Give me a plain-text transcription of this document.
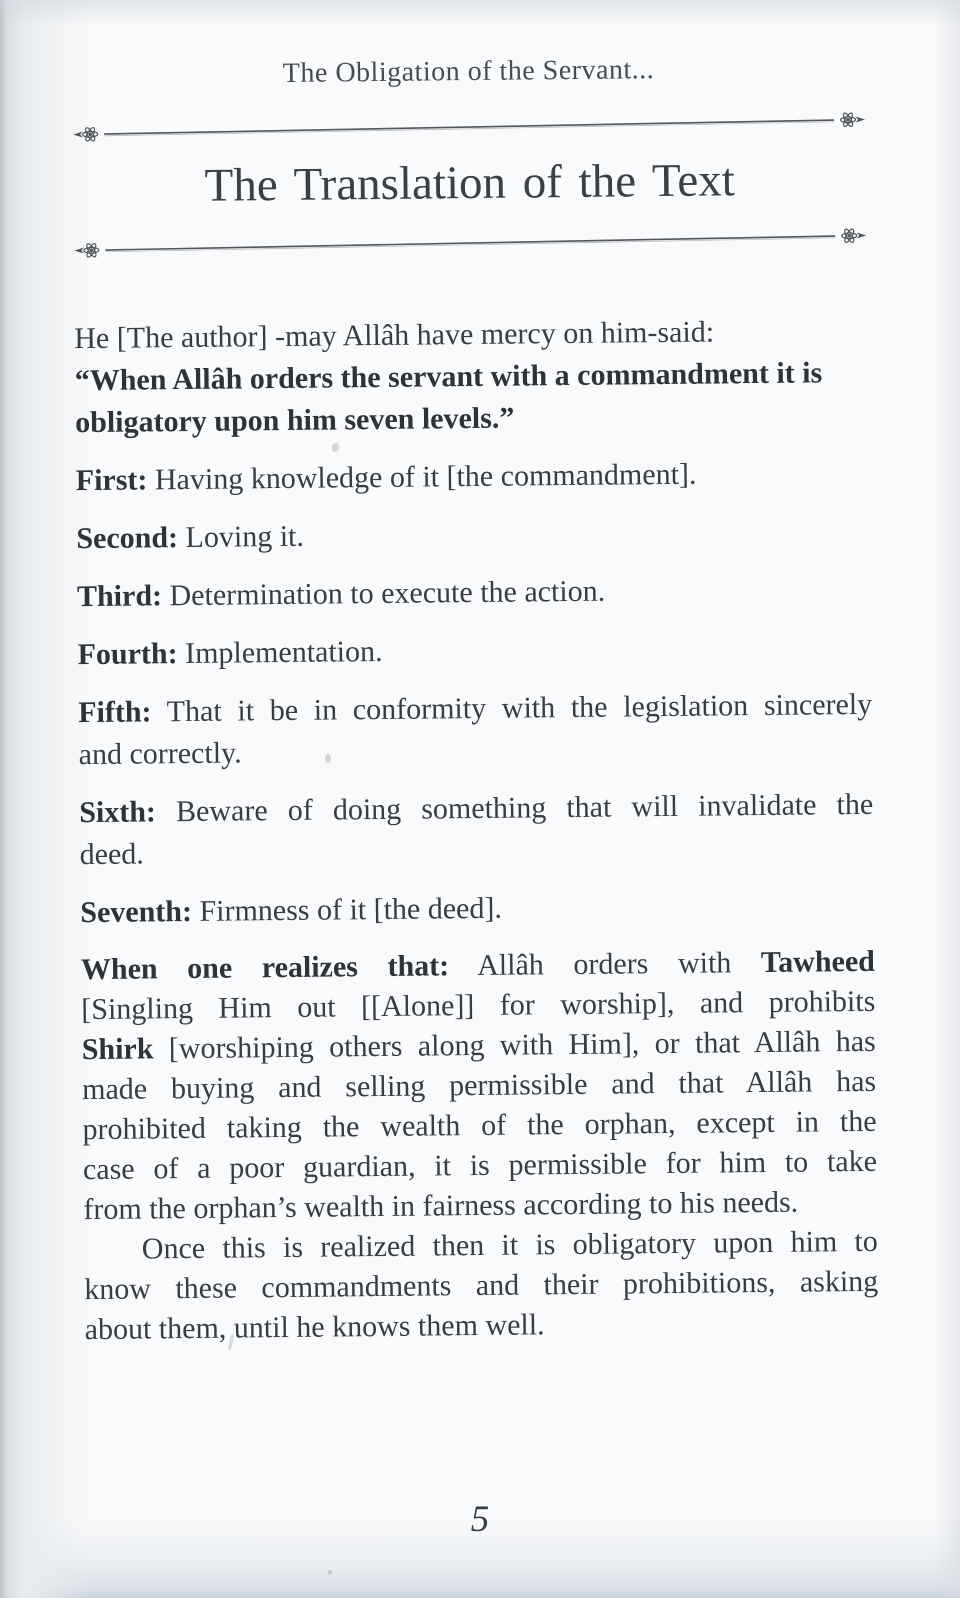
The Obligation of the Servant...

The Translation of the Text

He [The author] -may Allâh have mercy on him-said:

“When Allâh orders the servant with a commandment it is
obligatory upon him seven levels.”

First: Having knowledge of it [the commandment].

Second: Loving it.

Third: Determination to execute the action.

Fourth: Implementation.

Fifth: That it be in conformity with the legislation sincerely
and correctly.

Sixth: Beware of doing something that will invalidate the
deed.

Seventh: Firmness of it [the deed].

When one realizes that: Allâh orders with Tawheed
[Singling Him out [[Alone]] for worship], and prohibits
Shirk [worshiping others along with Him], or that Allâh has
made buying and selling permissible and that Allâh has
prohibited taking the wealth of the orphan, except in the
case of a poor guardian, it is permissible for him to take
from the orphan’s wealth in fairness according to his needs.

Once this is realized then it is obligatory upon him to
know these commandments and their prohibitions, asking
about them, until he knows them well.

5
